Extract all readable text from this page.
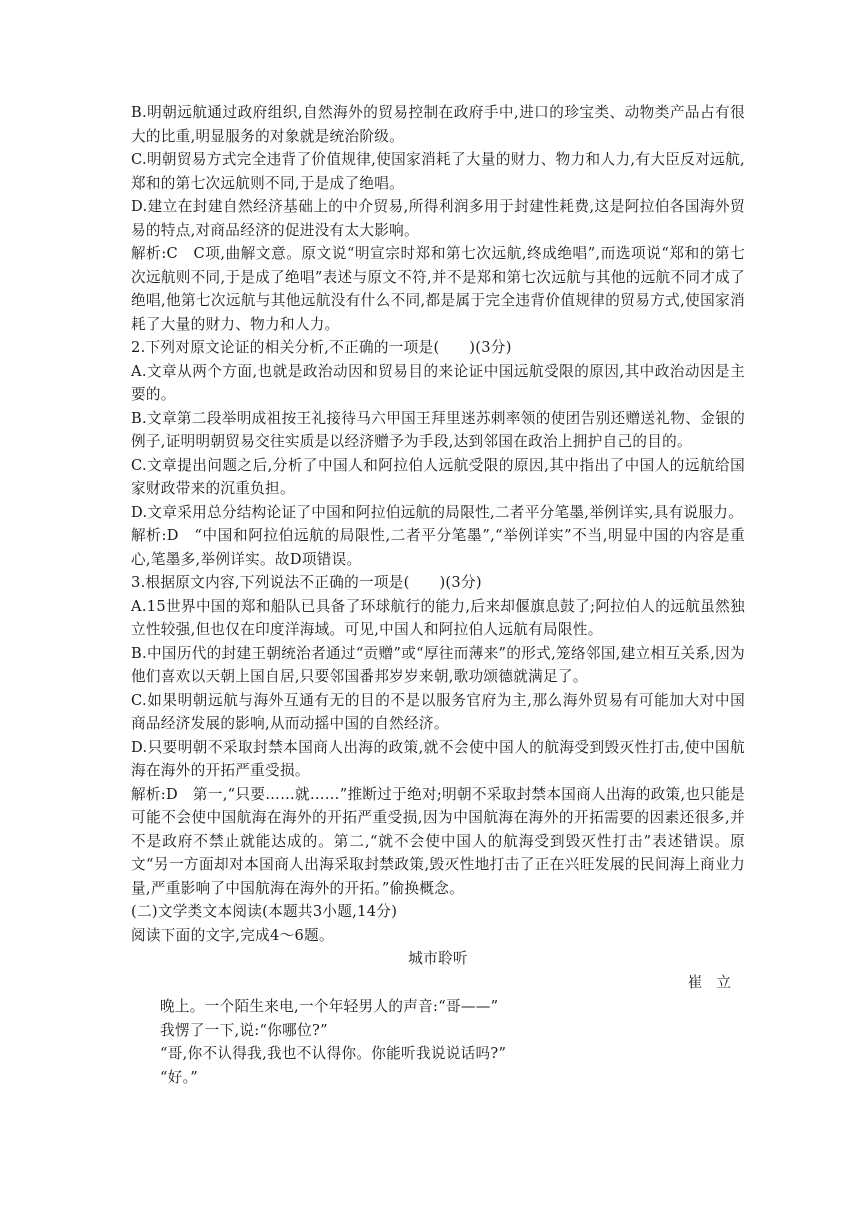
B.明朝远航通过政府组织,自然海外的贸易控制在政府手中,进口的珍宝类、动物类产品占有很大的比重,明显服务的对象就是统治阶级。

C.明朝贸易方式完全违背了价值规律,使国家消耗了大量的财力、物力和人力,有大臣反对远航,郑和的第七次远航则不同,于是成了绝唱。

D.建立在封建自然经济基础上的中介贸易,所得利润多用于封建性耗费,这是阿拉伯各国海外贸易的特点,对商品经济的促进没有太大影响。

解析:C　C项,曲解文意。原文说“明宣宗时郑和第七次远航,终成绝唱”,而选项说“郑和的第七次远航则不同,于是成了绝唱”表述与原文不符,并不是郑和第七次远航与其他的远航不同才成了绝唱,他第七次远航与其他远航没有什么不同,都是属于完全违背价值规律的贸易方式,使国家消耗了大量的财力、物力和人力。

2.下列对原文论证的相关分析,不正确的一项是(　　)(3分)

A.文章从两个方面,也就是政治动因和贸易目的来论证中国远航受限的原因,其中政治动因是主要的。

B.文章第二段举明成祖按王礼接待马六甲国王拜里迷苏剌率领的使团告别还赠送礼物、金银的例子,证明明朝贸易交往实质是以经济赠予为手段,达到邻国在政治上拥护自己的目的。

C.文章提出问题之后,分析了中国人和阿拉伯人远航受限的原因,其中指出了中国人的远航给国家财政带来的沉重负担。

D.文章采用总分结构论证了中国和阿拉伯远航的局限性,二者平分笔墨,举例详实,具有说服力。

解析:D　“中国和阿拉伯远航的局限性,二者平分笔墨”,“举例详实”不当,明显中国的内容是重心,笔墨多,举例详实。故D项错误。

3.根据原文内容,下列说法不正确的一项是(　　)(3分)

A.15世界中国的郑和船队已具备了环球航行的能力,后来却偃旗息鼓了;阿拉伯人的远航虽然独立性较强,但也仅在印度洋海域。可见,中国人和阿拉伯人远航有局限性。

B.中国历代的封建王朝统治者通过“贡赠”或“厚往而薄来”的形式,笼络邻国,建立相互关系,因为他们喜欢以天朝上国自居,只要邻国番邦岁岁来朝,歌功颂德就满足了。

C.如果明朝远航与海外互通有无的目的不是以服务官府为主,那么海外贸易有可能加大对中国商品经济发展的影响,从而动摇中国的自然经济。

D.只要明朝不采取封禁本国商人出海的政策,就不会使中国人的航海受到毁灭性打击,使中国航海在海外的开拓严重受损。

解析:D　第一,“只要……就……”推断过于绝对;明朝不采取封禁本国商人出海的政策,也只能是可能不会使中国航海在海外的开拓严重受损,因为中国航海在海外的开拓需要的因素还很多,并不是政府不禁止就能达成的。第二,“就不会使中国人的航海受到毁灭性打击”表述错误。原文“另一方面却对本国商人出海采取封禁政策,毁灭性地打击了正在兴旺发展的民间海上商业力量,严重影响了中国航海在海外的开拓。”偷换概念。

(二)文学类文本阅读(本题共3小题,14分)

阅读下面的文字,完成4～6题。

城市聆听

崔立

晚上。一个陌生来电,一个年轻男人的声音:“哥——”

我愣了一下,说:“你哪位?”

“哥,你不认得我,我也不认得你。你能听我说说话吗?”

“好。”
